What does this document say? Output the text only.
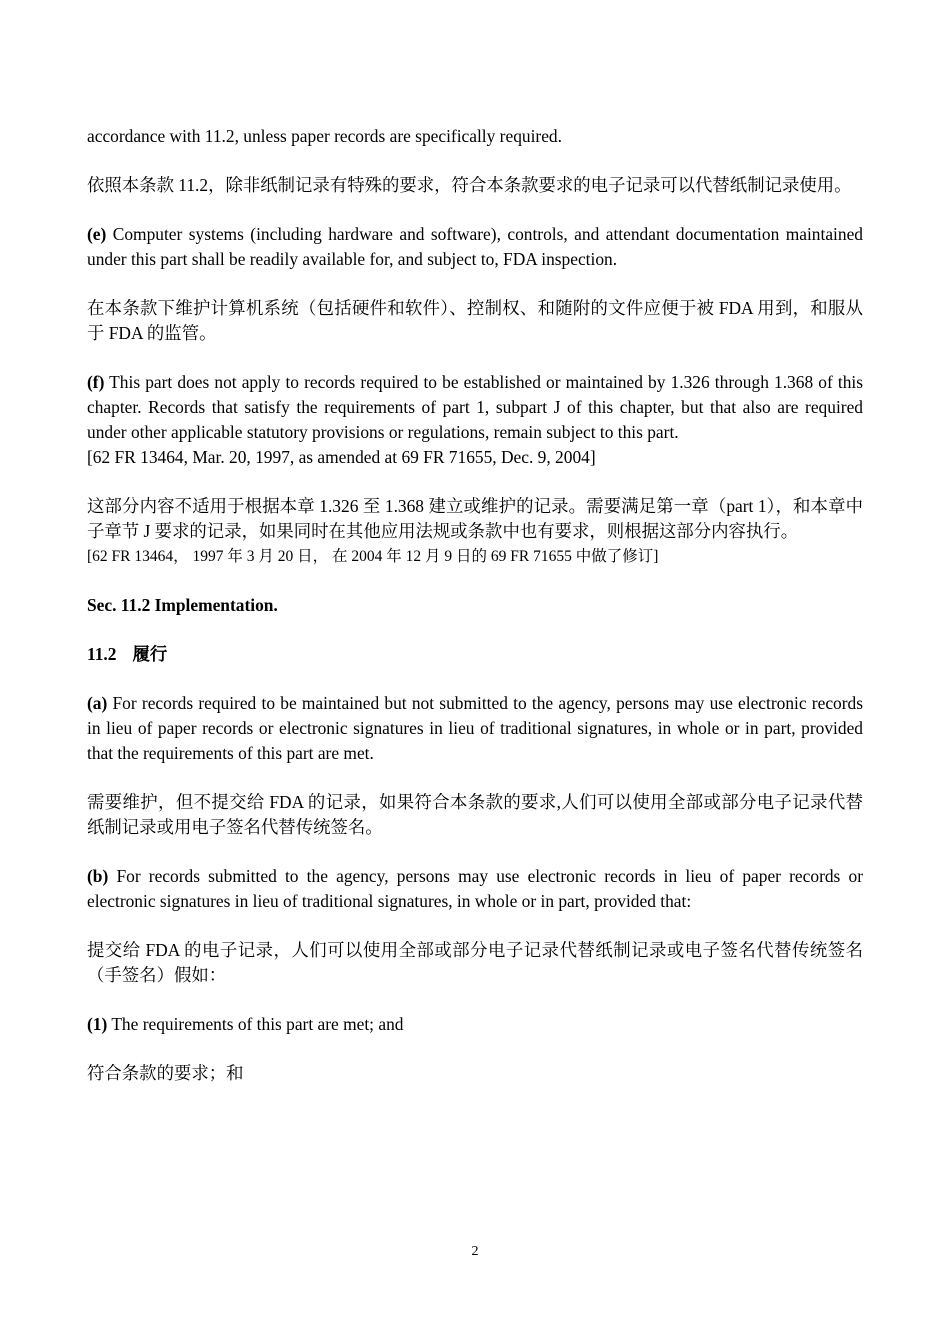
accordance with 11.2, unless paper records are specifically required.

依照本条款 11.2，除非纸制记录有特殊的要求，符合本条款要求的电子记录可以代替纸制记录使用。

(e) Computer systems (including hardware and software), controls, and attendant documentation maintained under this part shall be readily available for, and subject to, FDA inspection.

在本条款下维护计算机系统（包括硬件和软件）、控制权、和随附的文件应便于被 FDA 用到，和服从于 FDA 的监管。

(f) This part does not apply to records required to be established or maintained by 1.326 through 1.368 of this chapter. Records that satisfy the requirements of part 1, subpart J of this chapter, but that also are required under other applicable statutory provisions or regulations, remain subject to this part.

[62 FR 13464, Mar. 20, 1997, as amended at 69 FR 71655, Dec. 9, 2004]

这部分内容不适用于根据本章 1.326 至 1.368 建立或维护的记录。需要满足第一章（part 1），和本章中子章节 J 要求的记录，如果同时在其他应用法规或条款中也有要求，则根据这部分内容执行。

[62 FR 13464， 1997 年 3 月 20 日， 在 2004 年 12 月 9 日的 69 FR 71655 中做了修订]

Sec. 11.2 Implementation.

11.2 履行

(a) For records required to be maintained but not submitted to the agency, persons may use electronic records in lieu of paper records or electronic signatures in lieu of traditional signatures, in whole or in part, provided that the requirements of this part are met.

需要维护，但不提交给 FDA 的记录，如果符合本条款的要求,人们可以使用全部或部分电子记录代替纸制记录或用电子签名代替传统签名。

(b) For records submitted to the agency, persons may use electronic records in lieu of paper records or electronic signatures in lieu of traditional signatures, in whole or in part, provided that:

提交给 FDA 的电子记录，人们可以使用全部或部分电子记录代替纸制记录或电子签名代替传统签名（手签名）假如：

(1) The requirements of this part are met; and

符合条款的要求；和

2
